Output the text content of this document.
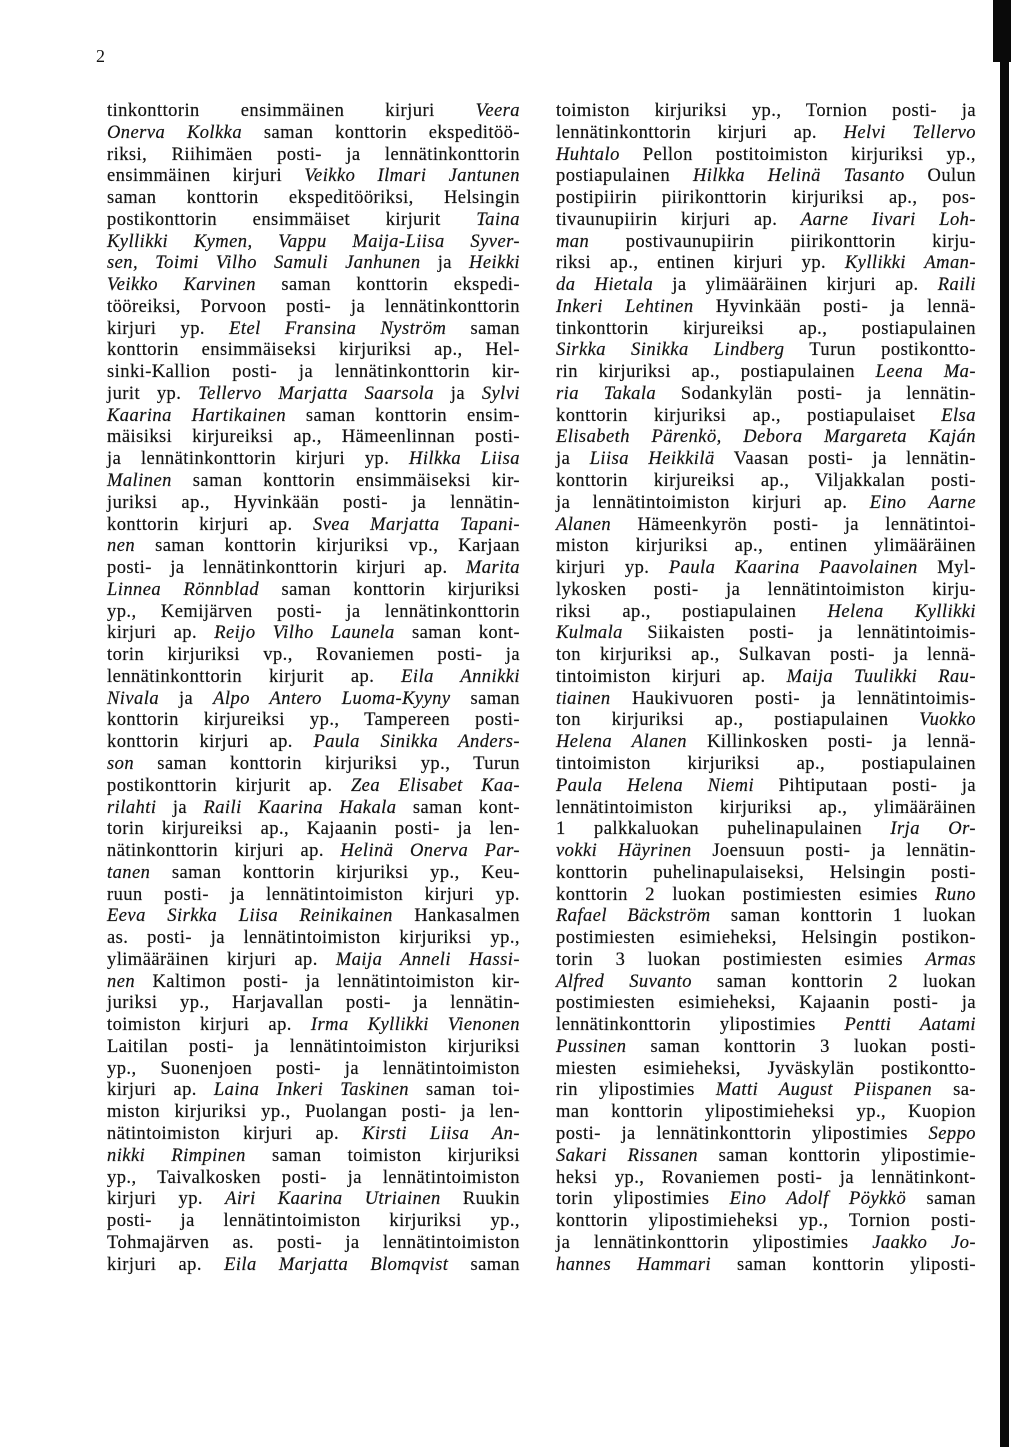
2
tinkonttorin ensimmäinen kirjuri Veera
Onerva Kolkka saman konttorin ekspeditöö-
riksi, Riihimäen posti- ja lennätinkonttorin
ensimmäinen kirjuri Veikko Ilmari Jantunen
saman konttorin ekspeditööriksi, Helsingin
postikonttorin ensimmäiset kirjurit Taina
Kyllikki Kymen, Vappu Maija-Liisa Syver-
sen, Toimi Vilho Samuli Janhunen ja Heikki
Veikko Karvinen saman konttorin ekspedi-
tööreiksi, Porvoon posti- ja lennätinkonttorin
kirjuri yp. Etel Fransina Nyström saman
konttorin ensimmäiseksi kirjuriksi ap., Hel-
sinki-Kallion posti- ja lennätinkonttorin kir-
jurit yp. Tellervo Marjatta Saarsola ja Sylvi
Kaarina Hartikainen saman konttorin ensim-
mäisiksi kirjureiksi ap., Hämeenlinnan posti-
ja lennätinkonttorin kirjuri yp. Hilkka Liisa
Malinen saman konttorin ensimmäiseksi kir-
juriksi ap., Hyvinkään posti- ja lennätin-
konttorin kirjuri ap. Svea Marjatta Tapani-
nen saman konttorin kirjuriksi vp., Karjaan
posti- ja lennätinkonttorin kirjuri ap. Marita
Linnea Rönnblad saman konttorin kirjuriksi
yp., Kemijärven posti- ja lennätinkonttorin
kirjuri ap. Reijo Vilho Launela saman kont-
torin kirjuriksi vp., Rovaniemen posti- ja
lennätinkonttorin kirjurit ap. Eila Annikki
Nivala ja Alpo Antero Luoma-Kyyny saman
konttorin kirjureiksi yp., Tampereen posti-
konttorin kirjuri ap. Paula Sinikka Anders-
son saman konttorin kirjuriksi yp., Turun
postikonttorin kirjurit ap. Zea Elisabet Kaa-
rilahti ja Raili Kaarina Hakala saman kont-
torin kirjureiksi ap., Kajaanin posti- ja len-
nätinkonttorin kirjuri ap. Helinä Onerva Par-
tanen saman konttorin kirjuriksi yp., Keu-
ruun posti- ja lennätintoimiston kirjuri yp.
Eeva Sirkka Liisa Reinikainen Hankasalmen
as. posti- ja lennätintoimiston kirjuriksi yp.,
ylimääräinen kirjuri ap. Maija Anneli Hassi-
nen Kaltimon posti- ja lennätintoimiston kir-
juriksi yp., Harjavallan posti- ja lennätin-
toimiston kirjuri ap. Irma Kyllikki Vienonen
Laitilan posti- ja lennätintoimiston kirjuriksi
yp., Suonenjoen posti- ja lennätintoimiston
kirjuri ap. Laina Inkeri Taskinen saman toi-
miston kirjuriksi yp., Puolangan posti- ja len-
nätintoimiston kirjuri ap. Kirsti Liisa An-
nikki Rimpinen saman toimiston kirjuriksi
yp., Taivalkosken posti- ja lennätintoimiston
kirjuri yp. Airi Kaarina Utriainen Ruukin
posti- ja lennätintoimiston kirjuriksi yp.,
Tohmajärven as. posti- ja lennätintoimiston
kirjuri ap. Eila Marjatta Blomqvist saman
toimiston kirjuriksi yp., Tornion posti- ja
lennätinkonttorin kirjuri ap. Helvi Tellervo
Huhtalo Pellon postitoimiston kirjuriksi yp.,
postiapulainen Hilkka Helinä Tasanto Oulun
postipiirin piirikonttorin kirjuriksi ap., pos-
tivaunupiirin kirjuri ap. Aarne Iivari Loh-
man postivaunupiirin piirikonttorin kirju-
riksi ap., entinen kirjuri yp. Kyllikki Aman-
da Hietala ja ylimääräinen kirjuri ap. Raili
Inkeri Lehtinen Hyvinkään posti- ja lennä-
tinkonttorin kirjureiksi ap., postiapulainen
Sirkka Sinikka Lindberg Turun postikontto-
rin kirjuriksi ap., postiapulainen Leena Ma-
ria Takala Sodankylän posti- ja lennätin-
konttorin kirjuriksi ap., postiapulaiset Elsa
Elisabeth Pärenkö, Debora Margareta Kaján
ja Liisa Heikkilä Vaasan posti- ja lennätin-
konttorin kirjureiksi ap., Viljakkalan posti-
ja lennätintoimiston kirjuri ap. Eino Aarne
Alanen Hämeenkyrön posti- ja lennätintoi-
miston kirjuriksi ap., entinen ylimääräinen
kirjuri yp. Paula Kaarina Paavolainen Myl-
lykosken posti- ja lennätintoimiston kirju-
riksi ap., postiapulainen Helena Kyllikki
Kulmala Siikaisten posti- ja lennätintoimis-
ton kirjuriksi ap., Sulkavan posti- ja lennä-
tintoimiston kirjuri ap. Maija Tuulikki Rau-
tiainen Haukivuoren posti- ja lennätintoimis-
ton kirjuriksi ap., postiapulainen Vuokko
Helena Alanen Killinkosken posti- ja lennä-
tintoimiston kirjuriksi ap., postiapulainen
Paula Helena Niemi Pihtiputaan posti- ja
lennätintoimiston kirjuriksi ap., ylimääräinen
1 palkkaluokan puhelinapulainen Irja Or-
vokki Häyrinen Joensuun posti- ja lennätin-
konttorin puhelinapulaiseksi, Helsingin posti-
konttorin 2 luokan postimiesten esimies Runo
Rafael Bäckström saman konttorin 1 luokan
postimiesten esimieheksi, Helsingin postikon-
torin 3 luokan postimiesten esimies Armas
Alfred Suvanto saman konttorin 2 luokan
postimiesten esimieheksi, Kajaanin posti- ja
lennätinkonttorin ylipostimies Pentti Aatami
Pussinen saman konttorin 3 luokan posti-
miesten esimieheksi, Jyväskylän postikontto-
rin ylipostimies Matti August Piispanen sa-
man konttorin ylipostimieheksi yp., Kuopion
posti- ja lennätinkonttorin ylipostimies Seppo
Sakari Rissanen saman konttorin ylipostimie-
heksi yp., Rovaniemen posti- ja lennätinkont-
torin ylipostimies Eino Adolf Pöykkö saman
konttorin ylipostimieheksi yp., Tornion posti-
ja lennätinkonttorin ylipostimies Jaakko Jo-
hannes Hammari saman konttorin yliposti-
